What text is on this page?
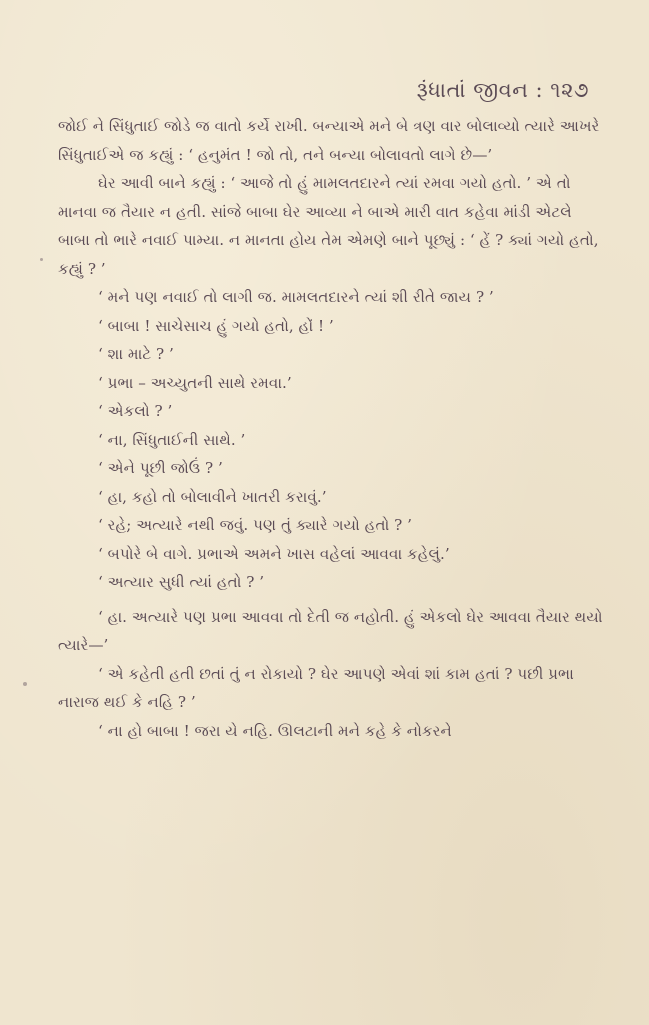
રૂંધાતાં જીવન : ૧૨૭

જોઈ ને સિંધુતાઈ જોડે જ વાતો કર્યે રાખી. બન્યાએ મને બે ત્રણ વાર બોલાવ્યો ત્યારે આખરે સિંધુતાઈએ જ કહ્યું : ‘ હનુમંત ! જો તો, તને બન્યા બોલાવતો લાગે છે—’

ઘેર આવી બાને કહ્યું : ‘ આજે તો હું મામલતદારને ત્યાં રમવા ગયો હતો. ’ એ તો માનવા જ તૈયાર ન હતી. સાંજે બાબા ઘેર આવ્યા ને બાએ મારી વાત કહેવા માંડી એટલે બાબા તો ભારે નવાઈ પામ્યા. ન માનતા હોય તેમ એમણે બાને પૂછ્યું : ‘ હેં ? ક્યાં ગયો હતો, કહ્યું ? ’

‘ મને પણ નવાઈ તો લાગી જ. મામલતદારને ત્યાં શી રીતે જાય ? ’

‘ બાબા ! સાચેસાચ હું ગયો હતો, હોં ! ’

‘ શા માટે ? ’

‘ પ્રભા – અચ્યુતની સાથે રમવા.’

‘ એકલો ? ’

‘ ના, સિંધુતાઈની સાથે. ’

‘ એને પૂછી જોઉં ? ’

‘ હા, કહો તો બોલાવીને ખાતરી કરાવું.’

‘ રહે; અત્યારે નથી જવું. પણ તું ક્યારે ગયો હતો ? ’

‘ બપોરે બે વાગે. પ્રભાએ અમને ખાસ વહેલાં આવવા કહેલું.’

‘ અત્યાર સુધી ત્યાં હતો ? ’

‘ હા. અત્યારે પણ પ્રભા આવવા તો દેતી જ નહોતી. હું એકલો ઘેર આવવા તૈયાર થયો ત્યારે—’

‘ એ કહેતી હતી છતાં તું ન રોકાયો ? ઘેર આપણે એવાં શાં કામ હતાં ? પછી પ્રભા નારાજ થઈ કે નહિ ? ’

‘ ના હો બાબા ! જરા યે નહિ. ઊલટાની મને કહે કે નોકરને
